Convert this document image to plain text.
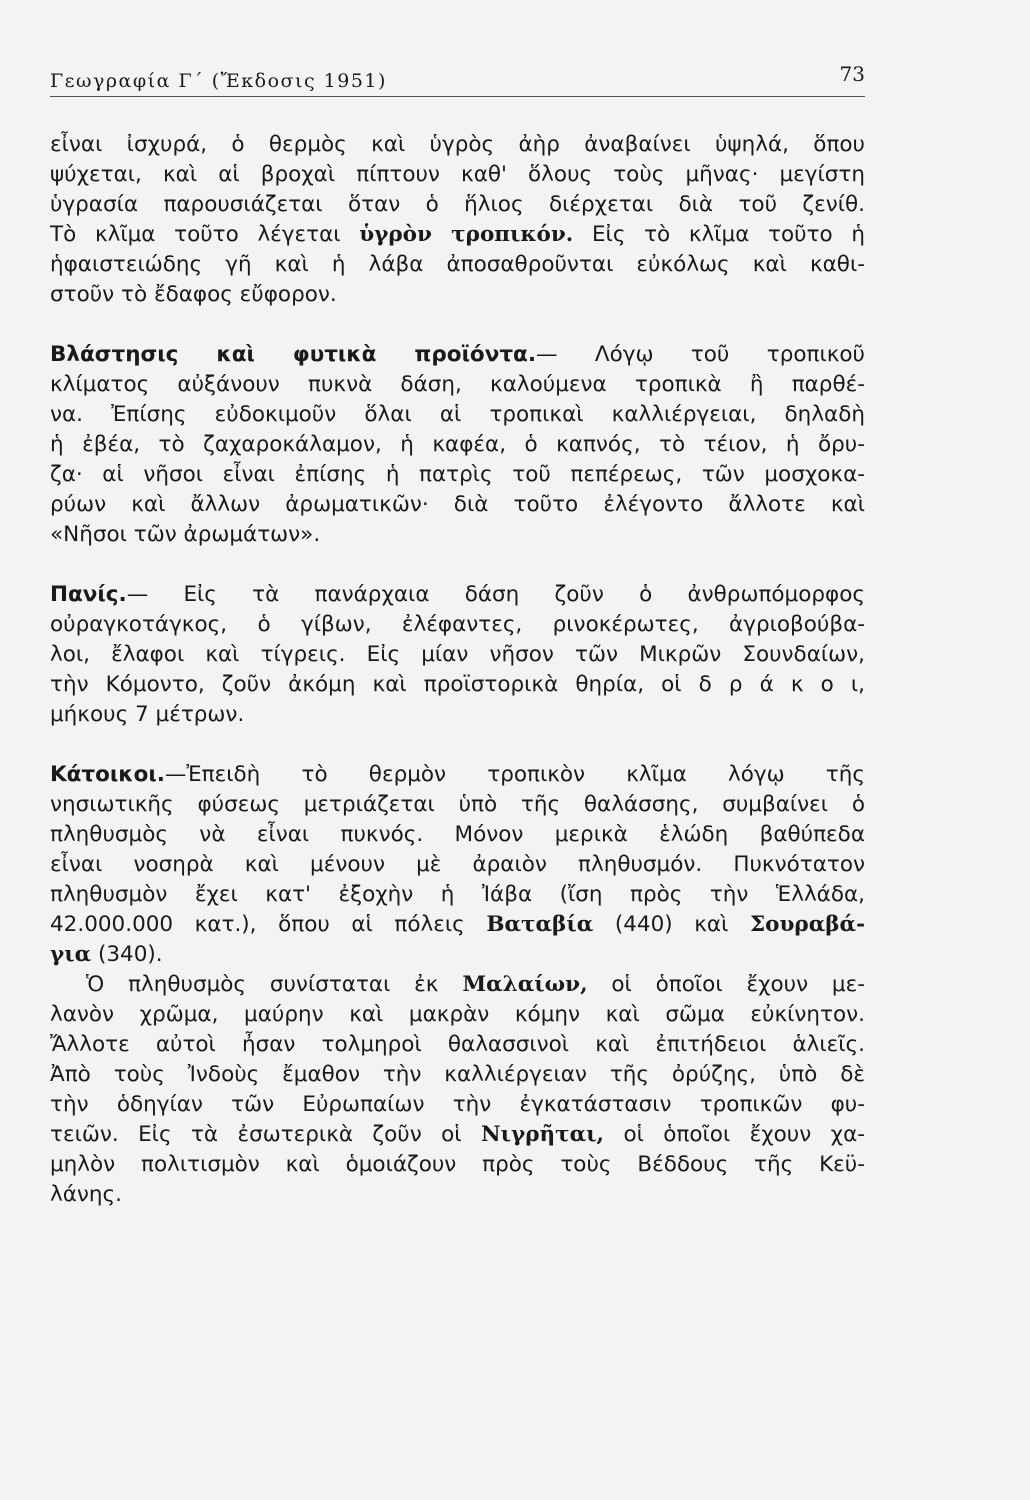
Γεωγραφία Γ΄ (Ἔκδοσις 1951)	73
εἶναι ἰσχυρά, ὁ θερμὸς καὶ ὑγρὸς ἀὴρ ἀναβαίνει ὑψηλά, ὅπου
ψύχεται, καὶ αἱ βροχαὶ πίπτουν καθ' ὅλους τοὺς μῆνας· μεγίστη
ὑγρασία παρουσιάζεται ὅταν ὁ ἥλιος διέρχεται διὰ τοῦ ζενίθ.
Τὸ κλῖμα τοῦτο λέγεται ὑγρὸν τροπικόν. Εἰς τὸ κλῖμα τοῦτο ἡ
ἡφαιστειώδης γῆ καὶ ἡ λάβα ἀποσαθροῦνται εὐκόλως καὶ καθι-
στοῦν τὸ ἔδαφος εὔφορον.
Βλάστησις καὶ φυτικὰ προϊόντα.— Λόγῳ τοῦ τροπικοῦ
κλίματος αὐξάνουν πυκνὰ δάση, καλούμενα τροπικὰ ἢ παρθέ-
να. Ἐπίσης εὐδοκιμοῦν ὅλαι αἱ τροπικαὶ καλλιέργειαι, δηλαδὴ
ἡ ἐβέα, τὸ ζαχαροκάλαμον, ἡ καφέα, ὁ καπνός, τὸ τέιον, ἡ ὄρυ-
ζα· αἱ νῆσοι εἶναι ἐπίσης ἡ πατρὶς τοῦ πεπέρεως, τῶν μοσχοκα-
ρύων καὶ ἄλλων ἀρωματικῶν· διὰ τοῦτο ἐλέγοντο ἄλλοτε καὶ
«Νῆσοι τῶν ἀρωμάτων».
Πανίς.— Εἰς τὰ πανάρχαια δάση ζοῦν ὁ ἀνθρωπόμορφος
οὐραγκοτάγκος, ὁ γίβων, ἐλέφαντες, ρινοκέρωτες, ἀγριοβούβα-
λοι, ἔλαφοι καὶ τίγρεις. Εἰς μίαν νῆσον τῶν Μικρῶν Σουνδαίων,
τὴν Κόμοντο, ζοῦν ἀκόμη καὶ προϊστορικὰ θηρία, οἱ δ ρ ά κ ο ι,
μήκους 7 μέτρων.
Κάτοικοι.—Ἐπειδὴ τὸ θερμὸν τροπικὸν κλῖμα λόγῳ τῆς
νησιωτικῆς φύσεως μετριάζεται ὑπὸ τῆς θαλάσσης, συμβαίνει ὁ
πληθυσμὸς νὰ εἶναι πυκνός. Μόνον μερικὰ ἑλώδη βαθύπεδα
εἶναι νοσηρὰ καὶ μένουν μὲ ἀραιὸν πληθυσμόν. Πυκνότατον
πληθυσμὸν ἔχει κατ' ἐξοχὴν ἡ Ἰάβα (ἴση πρὸς τὴν Ἑλλάδα,
42.000.000 κατ.), ὅπου αἱ πόλεις Βαταβία (440) καὶ Σουραβά-
για (340).
Ὁ πληθυσμὸς συνίσταται ἐκ Μαλαίων, οἱ ὁποῖοι ἔχουν με-
λανὸν χρῶμα, μαύρην καὶ μακρὰν κόμην καὶ σῶμα εὐκίνητον.
Ἄλλοτε αὐτοὶ ἦσαν τολμηροὶ θαλασσινοὶ καὶ ἐπιτήδειοι ἁλιεῖς.
Ἀπὸ τοὺς Ἰνδοὺς ἔμαθον τὴν καλλιέργειαν τῆς ὀρύζης, ὑπὸ δὲ
τὴν ὁδηγίαν τῶν Εὐρωπαίων τὴν ἐγκατάστασιν τροπικῶν φυ-
τειῶν. Εἰς τὰ ἐσωτερικὰ ζοῦν οἱ Νιγρῆται, οἱ ὁποῖοι ἔχουν χα-
μηλὸν πολιτισμὸν καὶ ὁμοιάζουν πρὸς τοὺς Βέδδους τῆς Κεϋ-
λάνης.
